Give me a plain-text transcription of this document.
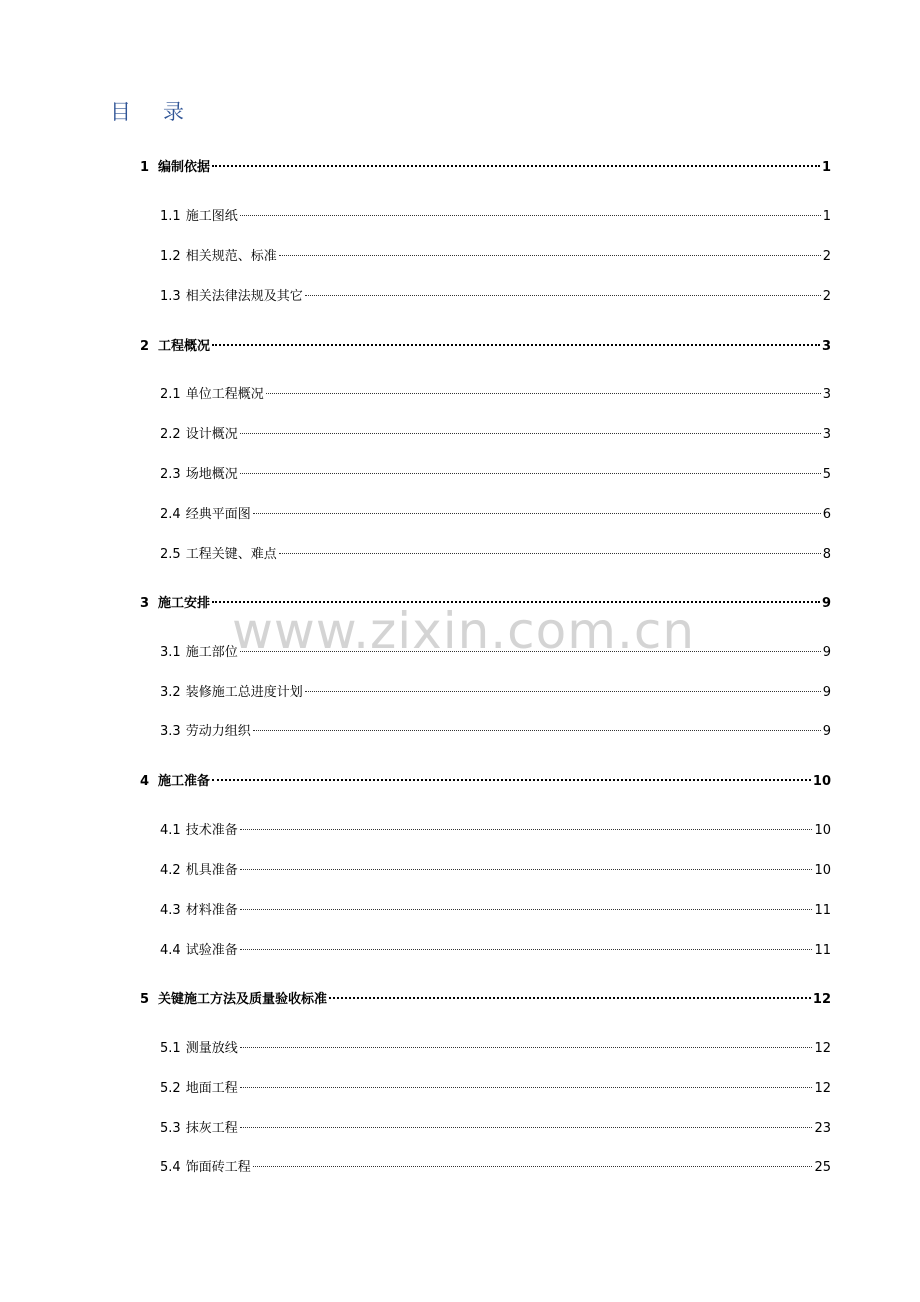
目 录
1 编制依据	1
1.1 施工图纸	1
1.2 相关规范、标准	2
1.3 相关法律法规及其它	2
2 工程概况	3
2.1 单位工程概况	3
2.2 设计概况	3
2.3 场地概况	5
2.4 经典平面图	6
2.5 工程关键、难点	8
3 施工安排	9
3.1 施工部位	9
3.2 装修施工总进度计划	9
3.3 劳动力组织	9
4 施工准备	10
4.1 技术准备	10
4.2 机具准备	10
4.3 材料准备	11
4.4 试验准备	11
5 关键施工方法及质量验收标准	12
5.1 测量放线	12
5.2 地面工程	12
5.3 抹灰工程	23
5.4 饰面砖工程	25
www.zixin.com.cn
